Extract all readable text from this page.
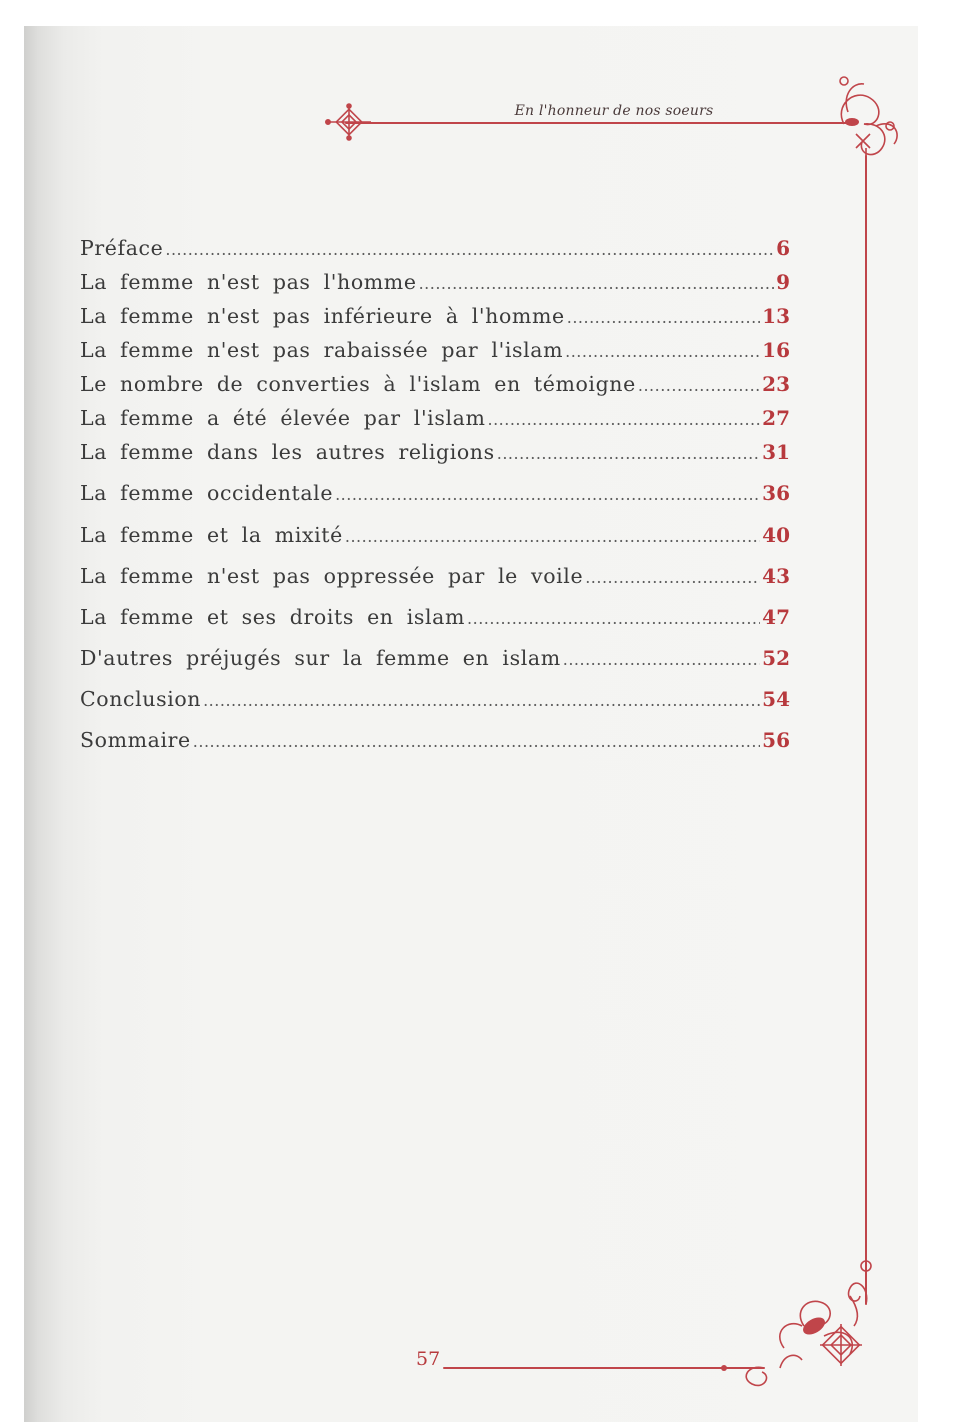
En l'honneur de nos soeurs
Préface .....	6
La femme n'est pas l'homme .....	9
La femme n'est pas inférieure à l'homme .....	13
La femme n'est pas rabaissée par l'islam .....	16
Le nombre de converties à l'islam en témoigne .....	23
La femme a été élevée par l'islam .....	27
La femme dans les autres religions .....	31
La femme occidentale .....	36
La femme et la mixité .....	40
La femme n'est pas oppressée par le voile .....	43
La femme et ses droits en islam .....	47
D'autres préjugés sur la femme en islam .....	52
Conclusion .....	54
Sommaire .....	56
57
